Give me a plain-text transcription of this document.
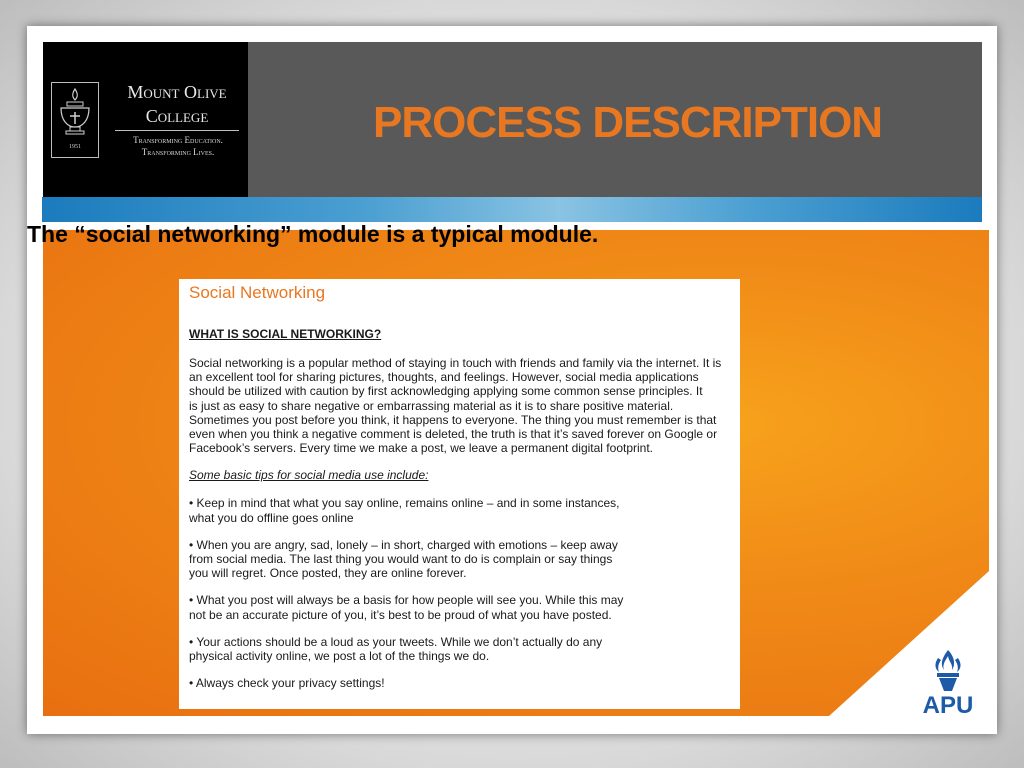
1951
Mount Olive
College
Transforming Education.
Transforming Lives.
PROCESS DESCRIPTION
The “social networking” module is a typical module.
Social Networking
WHAT IS SOCIAL NETWORKING?
Social networking is a popular method of staying in touch with friends and family via the internet. It is
an excellent tool for sharing pictures, thoughts, and feelings. However, social media applications
should be utilized with caution by first acknowledging applying some common sense principles. It
is just as easy to share negative or embarrassing material as it is to share positive material.
Sometimes you post before you think, it happens to everyone. The thing you must remember is that
even when you think a negative comment is deleted, the truth is that it’s saved forever on Google or
Facebook’s servers. Every time we make a post, we leave a permanent digital footprint.
Some basic tips for social media use include:
• Keep in mind that what you say online, remains online – and in some instances,
what you do offline goes online
• When you are angry, sad, lonely – in short, charged with emotions – keep away
from social media. The last thing you would want to do is complain or say things
you will regret. Once posted, they are online forever.
• What you post will always be a basis for how people will see you. While this may
not be an accurate picture of you, it’s best to be proud of what you have posted.
• Your actions should be a loud as your tweets. While we don’t actually do any
physical activity online, we post a lot of the things we do.
• Always check your privacy settings!
APU
